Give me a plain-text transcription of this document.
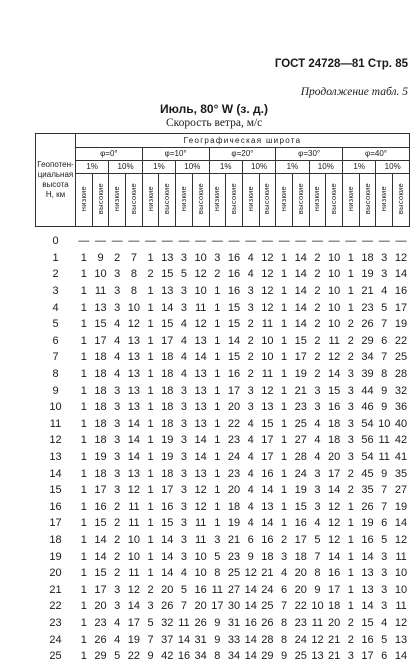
ГОСТ 24728—81 Стр. 85
Продолжение табл. 5
Июль, 80° W (з. д.)
Скорость ветра, м/с
Геопотен-
циальная
высота
H, км	Географическая широта																			
	φ=0°				φ=10°				φ=20°				φ=30°				φ=40°			
	1%		10%		1%		10%		1%		10%		1%		10%		1%		10%	
	низкие	высокие	низкие	высокие	низкие	высокие	низкие	высокие	низкие	высокие	низкие	высокие	низкие	высокие	низкие	высокие	низкие	высокие	низкие	высокие
0	—	—	—	—	—	—	—	—	—	—	—	—	—	—	—	—	—	—	—	—
1	1	9	2	7	1	13	3	10	3	16	4	12	1	14	2	10	1	18	3	12
2	1	10	3	8	2	15	5	12	2	16	4	12	1	14	2	10	1	19	3	14
3	1	11	3	8	1	13	3	10	1	16	3	12	1	14	2	10	1	21	4	16
4	1	13	3	10	1	14	3	11	1	15	3	12	1	14	2	10	1	23	5	17
5	1	15	4	12	1	15	4	12	1	15	2	11	1	14	2	10	2	26	7	19
6	1	17	4	13	1	17	4	13	1	14	2	10	1	15	2	11	2	29	6	22
7	1	18	4	13	1	18	4	14	1	15	2	10	1	17	2	12	2	34	7	25
8	1	18	4	13	1	18	4	13	1	16	2	11	1	19	2	14	3	39	8	28
9	1	18	3	13	1	18	3	13	1	17	3	12	1	21	3	15	3	44	9	32
10	1	18	3	13	1	18	3	13	1	20	3	13	1	23	3	16	3	46	9	36
11	1	18	3	14	1	18	3	13	1	22	4	15	1	25	4	18	3	54	10	40
12	1	18	3	14	1	19	3	14	1	23	4	17	1	27	4	18	3	56	11	42
13	1	19	3	14	1	19	3	14	1	24	4	17	1	28	4	20	3	54	11	41
14	1	18	3	13	1	18	3	13	1	23	4	16	1	24	3	17	2	45	9	35
15	1	17	3	12	1	17	3	12	1	20	4	14	1	19	3	14	2	35	7	27
16	1	16	2	11	1	16	3	12	1	18	4	13	1	15	3	12	1	26	7	19
17	1	15	2	11	1	15	3	11	1	19	4	14	1	16	4	12	1	19	6	14
18	1	14	2	10	1	14	3	11	3	21	6	16	2	17	5	12	1	16	5	12
19	1	14	2	10	1	14	3	10	5	23	9	18	3	18	7	14	1	14	3	11
20	1	15	2	11	1	14	4	10	8	25	12	21	4	20	8	16	1	13	3	10
21	1	17	3	12	2	20	5	16	11	27	14	24	6	20	9	17	1	13	3	10
22	1	20	3	14	3	26	7	20	17	30	14	25	7	22	10	18	1	14	3	11
23	1	23	4	17	5	32	11	26	9	31	16	26	8	23	11	20	2	15	4	12
24	1	26	4	19	7	37	14	31	9	33	14	28	8	24	12	21	2	16	5	13
25	1	29	5	22	9	42	16	34	8	34	14	29	9	25	13	21	3	17	6	14
